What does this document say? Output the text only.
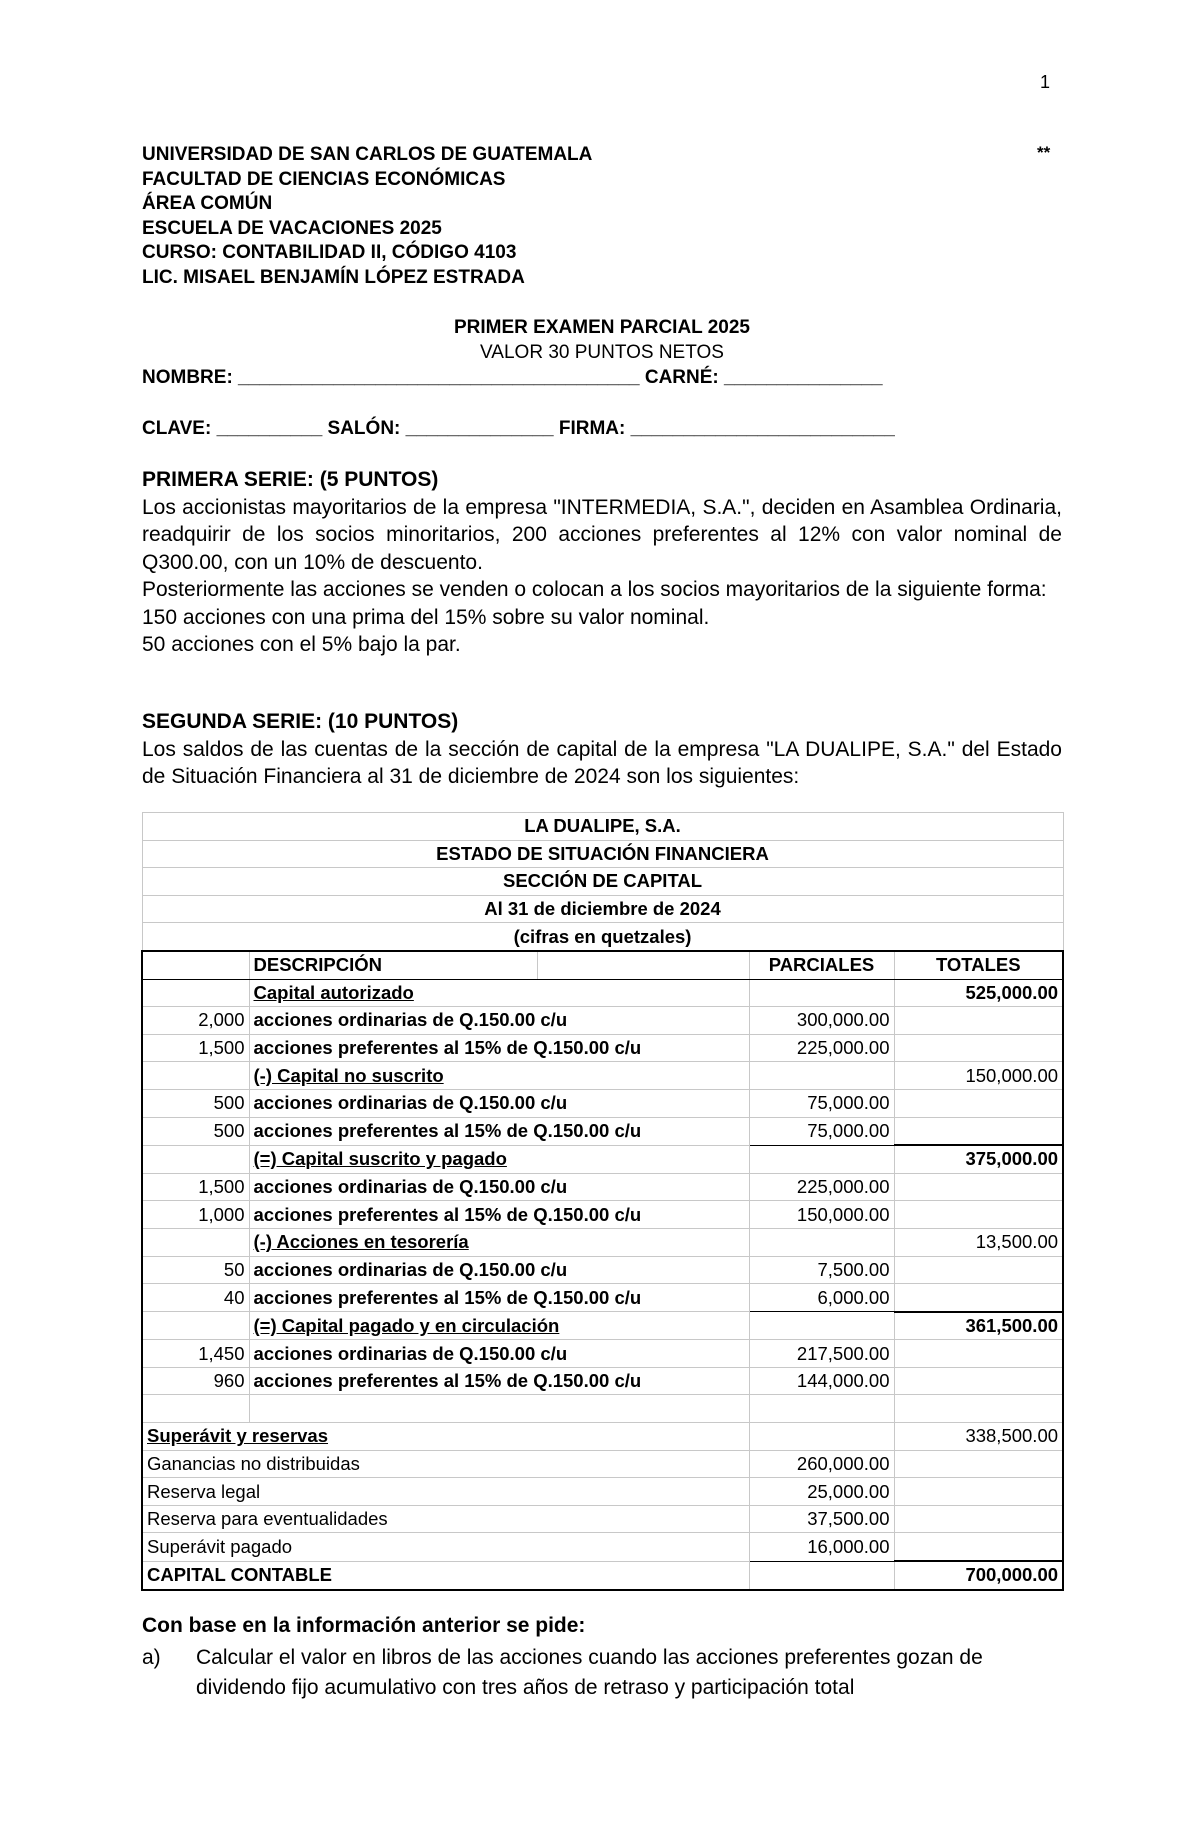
1
UNIVERSIDAD DE SAN CARLOS DE GUATEMALA
FACULTAD DE CIENCIAS ECONÓMICAS
ÁREA COMÚN
ESCUELA DE VACACIONES 2025
CURSO: CONTABILIDAD II, CÓDIGO 4103
LIC. MISAEL BENJAMÍN LÓPEZ ESTRADA
**
PRIMER EXAMEN PARCIAL 2025
VALOR 30 PUNTOS NETOS
NOMBRE: ______________________________________ CARNÉ: _______________
CLAVE: __________ SALÓN: ______________ FIRMA: _________________________
PRIMERA SERIE: (5 PUNTOS)
Los accionistas mayoritarios de la empresa "INTERMEDIA, S.A.", deciden en Asamblea Ordinaria, readquirir de los socios minoritarios, 200 acciones preferentes al 12% con valor nominal de Q300.00, con un 10% de descuento.
Posteriormente las acciones se venden o colocan a los socios mayoritarios de la siguiente forma:
150 acciones con una prima del 15% sobre su valor nominal.
50 acciones con el 5% bajo la par.
SEGUNDA SERIE: (10 PUNTOS)
Los saldos de las cuentas de la sección de capital de la empresa "LA DUALIPE, S.A." del Estado de Situación Financiera al 31 de diciembre de 2024 son los siguientes:
LA DUALIPE, S.A.				
ESTADO DE SITUACIÓN FINANCIERA				
SECCIÓN DE CAPITAL				
Al 31 de diciembre de 2024				
(cifras en quetzales)				
	DESCRIPCIÓN		PARCIALES	TOTALES
	Capital autorizado			525,000.00
2,000	acciones ordinarias de Q.150.00 c/u		300,000.00	
1,500	acciones preferentes al 15% de Q.150.00 c/u		225,000.00	
	(-) Capital no suscrito			150,000.00
500	acciones ordinarias de Q.150.00 c/u		75,000.00	
500	acciones preferentes al 15% de Q.150.00 c/u		75,000.00	
	(=) Capital suscrito y pagado			375,000.00
1,500	acciones ordinarias de Q.150.00 c/u		225,000.00	
1,000	acciones preferentes al 15% de Q.150.00 c/u		150,000.00	
	(-) Acciones en tesorería			13,500.00
50	acciones ordinarias de Q.150.00 c/u		7,500.00	
40	acciones preferentes al 15% de Q.150.00 c/u		6,000.00	
	(=) Capital pagado y en circulación			361,500.00
1,450	acciones ordinarias de Q.150.00 c/u		217,500.00	
960	acciones preferentes al 15% de Q.150.00 c/u		144,000.00	

Superávit y reservas				338,500.00
Ganancias no distribuidas			260,000.00	
Reserva legal			25,000.00	
Reserva para eventualidades			37,500.00	
Superávit pagado			16,000.00	
CAPITAL CONTABLE				700,000.00
Con base en la información anterior se pide:
a) Calcular el valor en libros de las acciones cuando las acciones preferentes gozan de dividendo fijo acumulativo con tres años de retraso y participación total
